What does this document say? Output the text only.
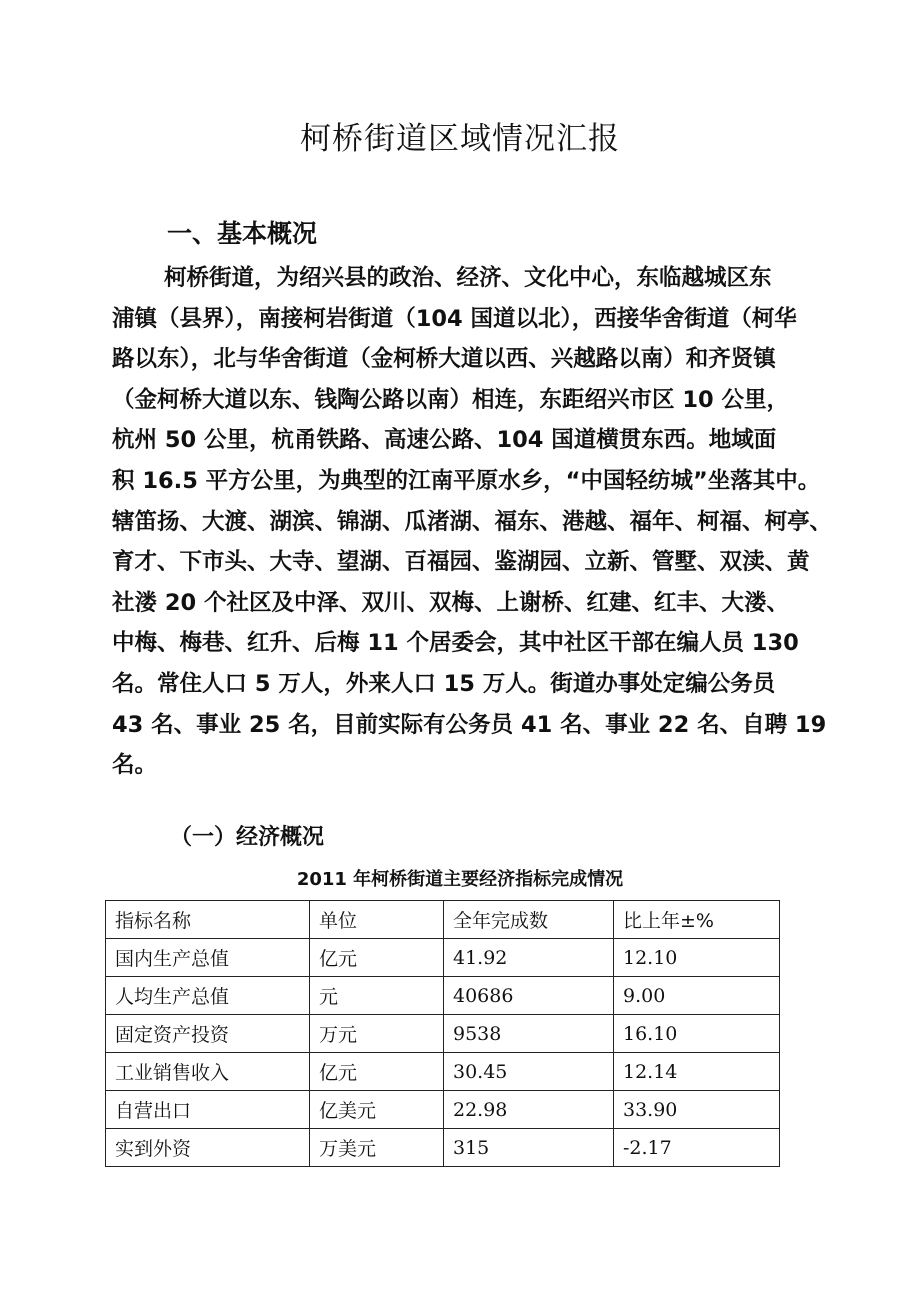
柯桥街道区域情况汇报
一、基本概况
柯桥街道，为绍兴县的政治、经济、文化中心，东临越城区东
浦镇（县界），南接柯岩街道（104 国道以北），西接华舍街道（柯华
路以东），北与华舍街道（金柯桥大道以西、兴越路以南）和齐贤镇
（金柯桥大道以东、钱陶公路以南）相连，东距绍兴市区 10 公里，
杭州 50 公里，杭甬铁路、高速公路、104 国道横贯东西。地域面
积 16.5 平方公里，为典型的江南平原水乡，“中国轻纺城”坐落其中。
辖笛扬、大渡、湖滨、锦湖、瓜渚湖、福东、港越、福年、柯福、柯亭、
育才、下市头、大寺、望湖、百福园、鉴湖园、立新、管墅、双渎、黄
社溇 20 个社区及中泽、双川、双梅、上谢桥、红建、红丰、大溇、
中梅、梅巷、红升、后梅 11 个居委会，其中社区干部在编人员 130
名。常住人口 5 万人，外来人口 15 万人。街道办事处定编公务员
43 名、事业 25 名，目前实际有公务员 41 名、事业 22 名、自聘 19
名。
（一）经济概况
2011 年柯桥街道主要经济指标完成情况
指标名称	单位	全年完成数	比上年±%
国内生产总值	亿元	41.92	12.10
人均生产总值	元	40686	9.00
固定资产投资	万元	9538	16.10
工业销售收入	亿元	30.45	12.14
自营出口	亿美元	22.98	33.90
实到外资	万美元	315	-2.17
